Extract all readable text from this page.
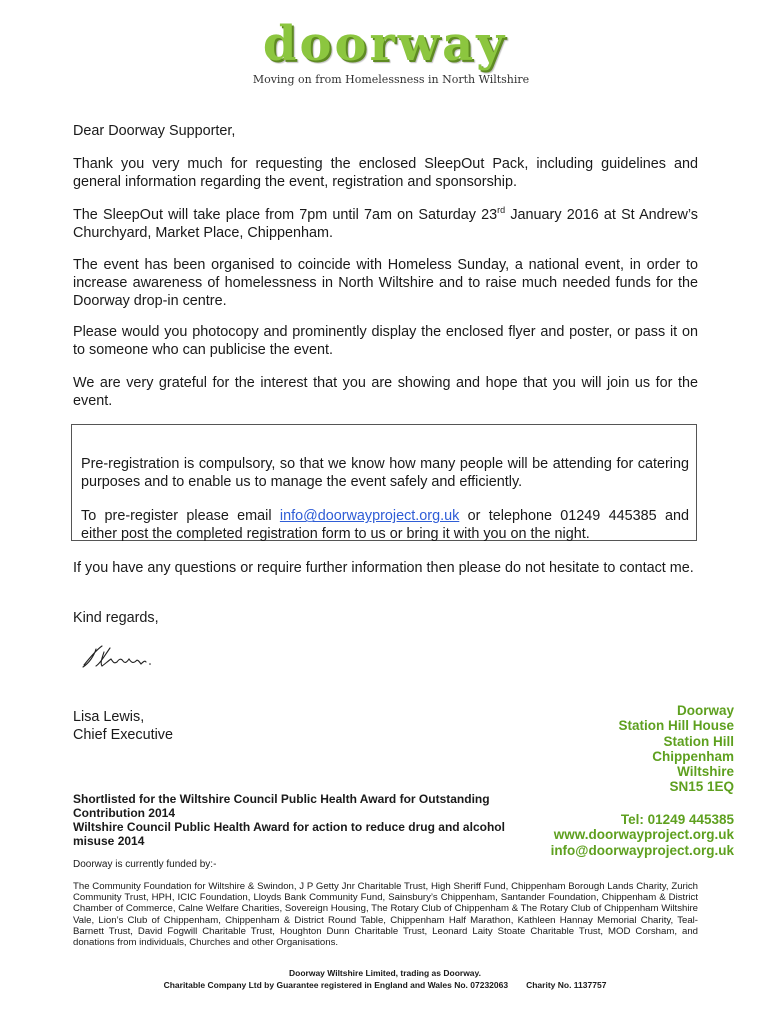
doorway
Moving on from Homelessness in North Wiltshire
Dear Doorway Supporter,
Thank you very much for requesting the enclosed SleepOut Pack, including guidelines and general information regarding the event, registration and sponsorship.
The SleepOut will take place from 7pm until 7am on Saturday 23rd January 2016 at St Andrew’s Churchyard, Market Place, Chippenham.
The event has been organised to coincide with Homeless Sunday, a national event, in order to increase awareness of homelessness in North Wiltshire and to raise much needed funds for the Doorway drop-in centre.
Please would you photocopy and prominently display the enclosed flyer and poster, or pass it on to someone who can publicise the event.
We are very grateful for the interest that you are showing and hope that you will join us for the event.

Pre-registration is compulsory, so that we know how many people will be attending for catering purposes and to enable us to manage the event safely and efficiently.

To pre-register please email info@doorwayproject.org.uk or telephone 01249 445385 and either post the completed registration form to us or bring it with you on the night.

If you have any questions or require further information then please do not hesitate to contact me.
Kind regards,
Lisa Lewis,
Chief Executive
Doorway
Station Hill House
Station Hill
Chippenham
Wiltshire
SN15 1EQ
Tel: 01249 445385
www.doorwayproject.org.uk
info@doorwayproject.org.uk
Shortlisted for the Wiltshire Council Public Health Award for Outstanding Contribution 2014
Wiltshire Council Public Health Award for action to reduce drug and alcohol misuse 2014
Doorway is currently funded by:-
The Community Foundation for Wiltshire & Swindon, J P Getty Jnr Charitable Trust, High Sheriff Fund, Chippenham Borough Lands Charity, Zurich Community Trust, HPH, ICIC Foundation, Lloyds Bank Community Fund, Sainsbury’s Chippenham, Santander Foundation, Chippenham & District Chamber of Commerce, Calne Welfare Charities, Sovereign Housing, The Rotary Club of Chippenham & The Rotary Club of Chippenham Wiltshire Vale, Lion’s Club of Chippenham, Chippenham & District Round Table, Chippenham Half Marathon, Kathleen Hannay Memorial Charity, Teal- Barnett Trust, David Fogwill Charitable Trust, Houghton Dunn Charitable Trust, Leonard Laity Stoate Charitable Trust, MOD Corsham, and donations from individuals, Churches and other Organisations.
Doorway Wiltshire Limited, trading as Doorway.
Charitable Company Ltd by Guarantee registered in England and Wales No. 07232063 Charity No. 1137757
